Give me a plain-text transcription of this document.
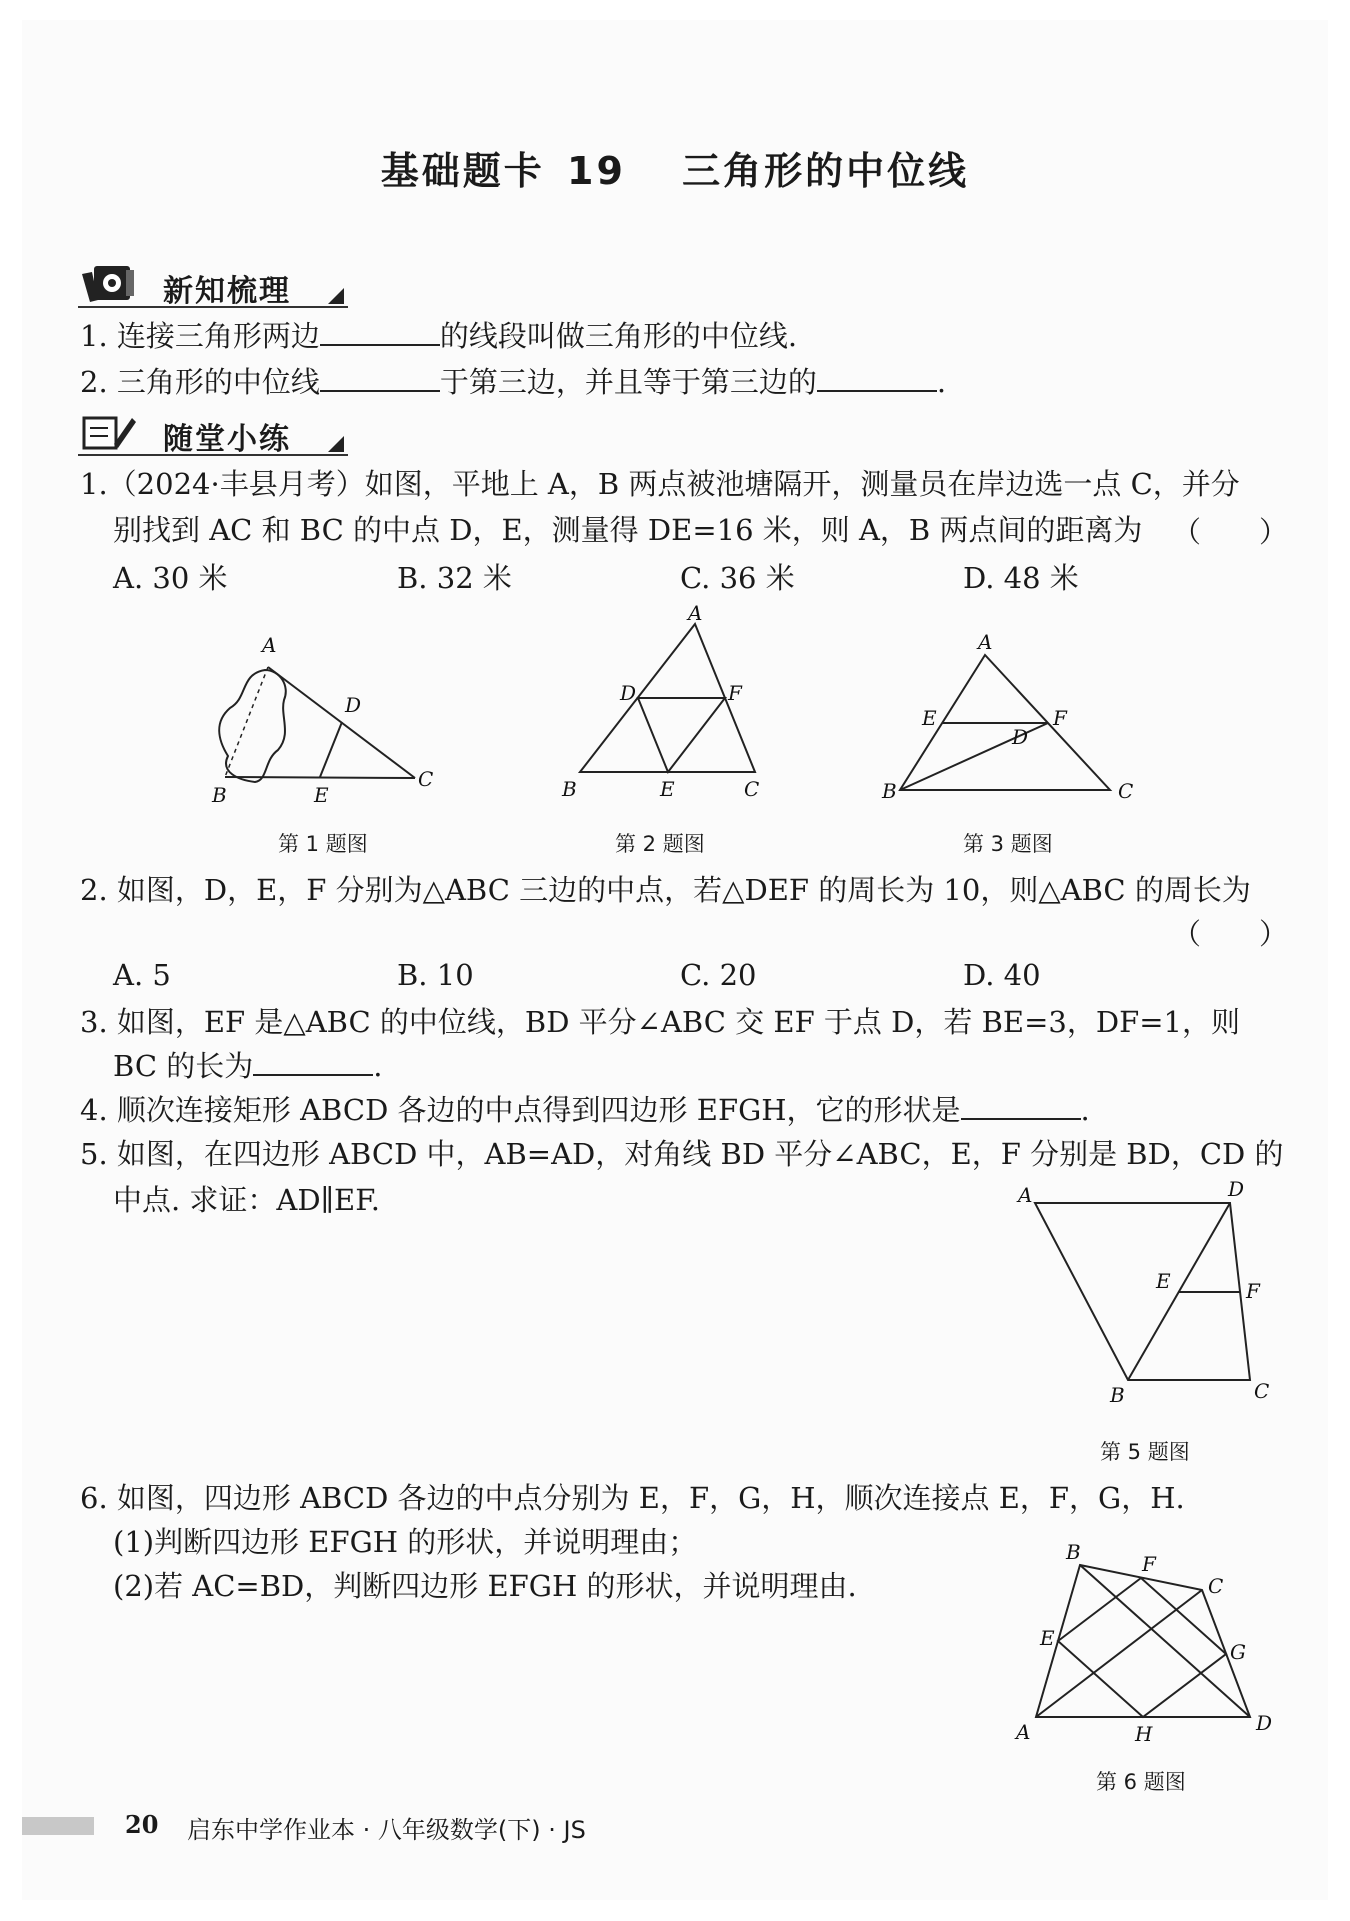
基础题卡 19 三角形的中位线
新知梳理
1. 连接三角形两边	的线段叫做三角形的中位线.
2. 三角形的中位线	于第三边，并且等于第三边的	.
随堂小练
1.（2024·丰县月考）如图，平地上 A，B 两点被池塘隔开，测量员在岸边选一点 C，并分
别找到 AC 和 BC 的中点 D，E，测量得 DE=16 米，则 A，B 两点间的距离为 （　　）
A. 30 米	B. 32 米	C. 36 米	D. 48 米
A
D
C
B	E
第 1 题图
A
D	F
B	E	C
第 2 题图
A
E	F
D
B	C
第 3 题图
2. 如图，D，E，F 分别为△ABC 三边的中点，若△DEF 的周长为 10，则△ABC 的周长为
（　　）
A. 5	B. 10	C. 20	D. 40
3. 如图，EF 是△ABC 的中位线，BD 平分∠ABC 交 EF 于点 D，若 BE=3，DF=1，则
BC 的长为	.
4. 顺次连接矩形 ABCD 各边的中点得到四边形 EFGH，它的形状是	.
5. 如图，在四边形 ABCD 中，AB=AD，对角线 BD 平分∠ABC，E，F 分别是 BD，CD 的
中点. 求证：AD∥EF.	A	D
E	F
B	C
第 5 题图
6. 如图，四边形 ABCD 各边的中点分别为 E，F，G，H，顺次连接点 E，F，G，H.
(1)判断四边形 EFGH 的形状，并说明理由；
(2)若 AC=BD，判断四边形 EFGH 的形状，并说明理由.
B	F
C
E
G
A	H	D
第 6 题图
20 启东中学作业本 · 八年级数学(下) · JS
